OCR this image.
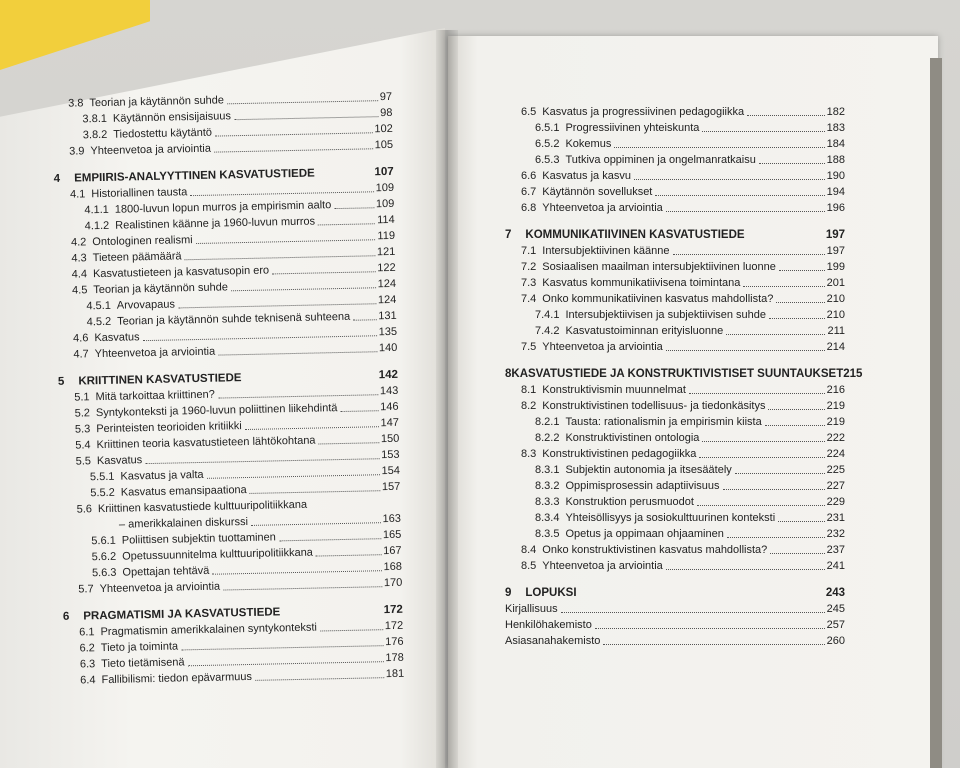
3.8 Teorian ja käytännön suhde	97
3.8.1 Käytännön ensisijaisuus	98
3.8.2 Tiedostettu käytäntö	102
3.9 Yhteenvetoa ja arviointia	105
4 EMPIIRIS-ANALYYTTINEN KASVATUSTIEDE	107
4.1 Historiallinen tausta	109
4.1.1 1800-luvun lopun murros ja empirismin aalto	109
4.1.2 Realistinen käänne ja 1960-luvun murros	114
4.2 Ontologinen realismi	119
4.3 Tieteen päämäärä	121
4.4 Kasvatustieteen ja kasvatusopin ero	122
4.5 Teorian ja käytännön suhde	124
4.5.1 Arvovapaus	124
4.5.2 Teorian ja käytännön suhde teknisenä suhteena	131
4.6 Kasvatus	135
4.7 Yhteenvetoa ja arviointia	140
5 KRIITTINEN KASVATUSTIEDE	142
5.1 Mitä tarkoittaa kriittinen?	143
5.2 Syntykonteksti ja 1960-luvun poliittinen liikehdintä	146
5.3 Perinteisten teorioiden kritiikki	147
5.4 Kriittinen teoria kasvatustieteen lähtökohtana	150
5.5 Kasvatus	153
5.5.1 Kasvatus ja valta	154
5.5.2 Kasvatus emansipaationa	157
5.6 Kriittinen kasvatustiede kulttuuripolitiikkana
– amerikkalainen diskurssi	163
5.6.1 Poliittisen subjektin tuottaminen	165
5.6.2 Opetussuunnitelma kulttuuripolitiikkana	167
5.6.3 Opettajan tehtävä	168
5.7 Yhteenvetoa ja arviointia	170
6 PRAGMATISMI JA KASVATUSTIEDE	172
6.1 Pragmatismin amerikkalainen syntykonteksti	172
6.2 Tieto ja toiminta	176
6.3 Tieto tietämisenä	178
6.4 Fallibilismi: tiedon epävarmuus	181
6.5 Kasvatus ja progressiivinen pedagogiikka	182
6.5.1 Progressiivinen yhteiskunta	183
6.5.2 Kokemus	184
6.5.3 Tutkiva oppiminen ja ongelmanratkaisu	188
6.6 Kasvatus ja kasvu	190
6.7 Käytännön sovellukset	194
6.8 Yhteenvetoa ja arviointia	196
7 KOMMUNIKATIIVINEN KASVATUSTIEDE	197
7.1 Intersubjektiivinen käänne	197
7.2 Sosiaalisen maailman intersubjektiivinen luonne	199
7.3 Kasvatus kommunikatiivisena toimintana	201
7.4 Onko kommunikatiivinen kasvatus mahdollista?	210
7.4.1 Intersubjektiivisen ja subjektiivisen suhde	210
7.4.2 Kasvatustoiminnan erityisluonne	211
7.5 Yhteenvetoa ja arviointia	214
8 KASVATUSTIEDE JA KONSTRUKTIVISTISET SUUNTAUKSET 215
8.1 Konstruktivismin muunnelmat	216
8.2 Konstruktivistinen todellisuus- ja tiedonkäsitys	219
8.2.1 Tausta: rationalismin ja empirismin kiista	219
8.2.2 Konstruktivistinen ontologia	222
8.3 Konstruktivistinen pedagogiikka	224
8.3.1 Subjektin autonomia ja itsesäätely	225
8.3.2 Oppimisprosessin adaptiivisuus	227
8.3.3 Konstruktion perusmuodot	229
8.3.4 Yhteisöllisyys ja sosiokulttuurinen konteksti	231
8.3.5 Opetus ja oppimaan ohjaaminen	232
8.4 Onko konstruktivistinen kasvatus mahdollista?	237
8.5 Yhteenvetoa ja arviointia	241
9 LOPUKSI	243
Kirjallisuus	245
Henkilöhakemisto	257
Asiasanahakemisto	260
